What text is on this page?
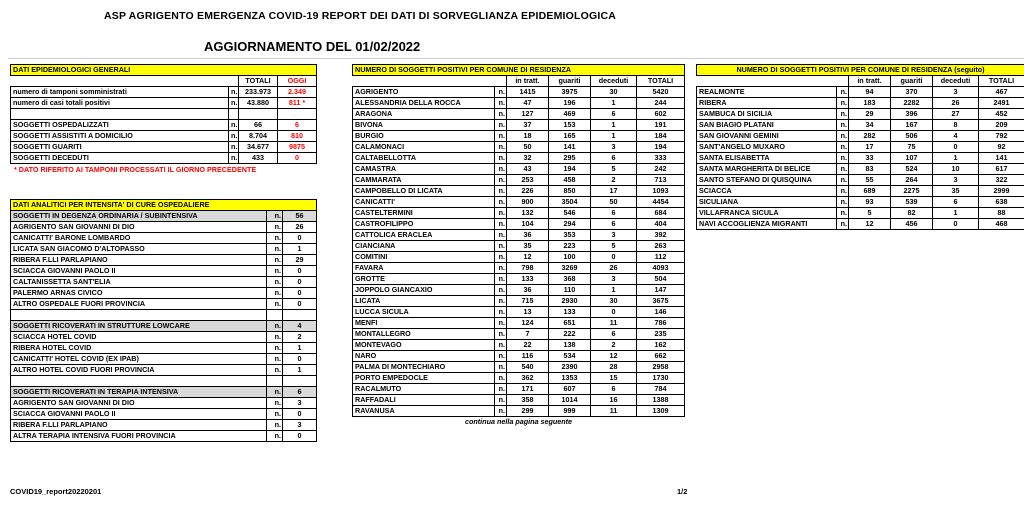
ASP AGRIGENTO EMERGENZA COVID-19 REPORT DEI DATI DI SORVEGLIANZA EPIDEMIOLOGICA
AGGIORNAMENTO DEL 01/02/2022
DATI EPIDEMIOLOGICI GENERALI			
		TOTALI	OGGI
numero di tamponi somministrati	n.	233.973	2.349
numero di casi totali positivi	n.	43.880	811 *

SOGGETTI OSPEDALIZZATI	n.	66	6
SOGGETTI ASSISTITI A DOMICILIO	n.	8.704	810
SOGGETTI GUARITI	n.	34.677	9875
SOGGETTI DECEDUTI	n.	433	0
* DATO RIFERITO AI TAMPONI PROCESSATI IL GIORNO PRECEDENTE
DATI ANALITICI PER INTENSITA' DI CURE OSPEDALIERE		
SOGGETTI IN DEGENZA ORDINARIA / SUBINTENSIVA	n.	56
AGRIGENTO SAN GIOVANNI DI DIO	n.	26
CANICATTI' BARONE LOMBARDO	n.	0
LICATA SAN GIACOMO D'ALTOPASSO	n.	1
RIBERA F.LLI PARLAPIANO	n.	29
SCIACCA GIOVANNI PAOLO II	n.	0
CALTANISSETTA SANT'ELIA	n.	0
PALERMO ARNAS CIVICO	n.	0
ALTRO OSPEDALE FUORI PROVINCIA	n.	0

SOGGETTI RICOVERATI IN STRUTTURE LOWCARE	n.	4
SCIACCA HOTEL COVID	n.	2
RIBERA HOTEL COVID	n.	1
CANICATTI' HOTEL COVID (EX IPAB)	n.	0
ALTRO HOTEL COVID FUORI PROVINCIA	n.	1

SOGGETTI RICOVERATI IN TERAPIA INTENSIVA	n.	6
AGRIGENTO SAN GIOVANNI DI DIO	n.	3
SCIACCA GIOVANNI PAOLO II	n.	0
RIBERA F.LLI PARLAPIANO	n.	3
ALTRA TERAPIA INTENSIVA FUORI PROVINCIA	n.	0
NUMERO DI SOGGETTI POSITIVI PER COMUNE DI RESIDENZA					
		in tratt.	guariti	deceduti	TOTALI
AGRIGENTO	n.	1415	3975	30	5420
ALESSANDRIA DELLA ROCCA	n.	47	196	1	244
ARAGONA	n.	127	469	6	602
BIVONA	n.	37	153	1	191
BURGIO	n.	18	165	1	184
CALAMONACI	n.	50	141	3	194
CALTABELLOTTA	n.	32	295	6	333
CAMASTRA	n.	43	194	5	242
CAMMARATA	n.	253	458	2	713
CAMPOBELLO DI LICATA	n.	226	850	17	1093
CANICATTI'	n.	900	3504	50	4454
CASTELTERMINI	n.	132	546	6	684
CASTROFILIPPO	n.	104	294	6	404
CATTOLICA ERACLEA	n.	36	353	3	392
CIANCIANA	n.	35	223	5	263
COMITINI	n.	12	100	0	112
FAVARA	n.	798	3269	26	4093
GROTTE	n.	133	368	3	504
JOPPOLO GIANCAXIO	n.	36	110	1	147
LICATA	n.	715	2930	30	3675
LUCCA SICULA	n.	13	133	0	146
MENFI	n.	124	651	11	786
MONTALLEGRO	n.	7	222	6	235
MONTEVAGO	n.	22	138	2	162
NARO	n.	116	534	12	662
PALMA DI MONTECHIARO	n.	540	2390	28	2958
PORTO EMPEDOCLE	n.	362	1353	15	1730
RACALMUTO	n.	171	607	6	784
RAFFADALI	n.	358	1014	16	1388
RAVANUSA	n.	299	999	11	1309
continua nella pagina seguente					
NUMERO DI SOGGETTI POSITIVI PER COMUNE DI RESIDENZA (seguito)					
		in tratt.	guariti	deceduti	TOTALI
REALMONTE	n.	94	370	3	467
RIBERA	n.	183	2282	26	2491
SAMBUCA DI SICILIA	n.	29	396	27	452
SAN BIAGIO PLATANI	n.	34	167	8	209
SAN GIOVANNI GEMINI	n.	282	506	4	792
SANT'ANGELO MUXARO	n.	17	75	0	92
SANTA ELISABETTA	n.	33	107	1	141
SANTA MARGHERITA DI BELICE	n.	83	524	10	617
SANTO STEFANO DI QUISQUINA	n.	55	264	3	322
SCIACCA	n.	689	2275	35	2999
SICULIANA	n.	93	539	6	638
VILLAFRANCA SICULA	n.	5	82	1	88
NAVI ACCOGLIENZA MIGRANTI	n.	12	456	0	468
COVID19_report20220201	1/2
